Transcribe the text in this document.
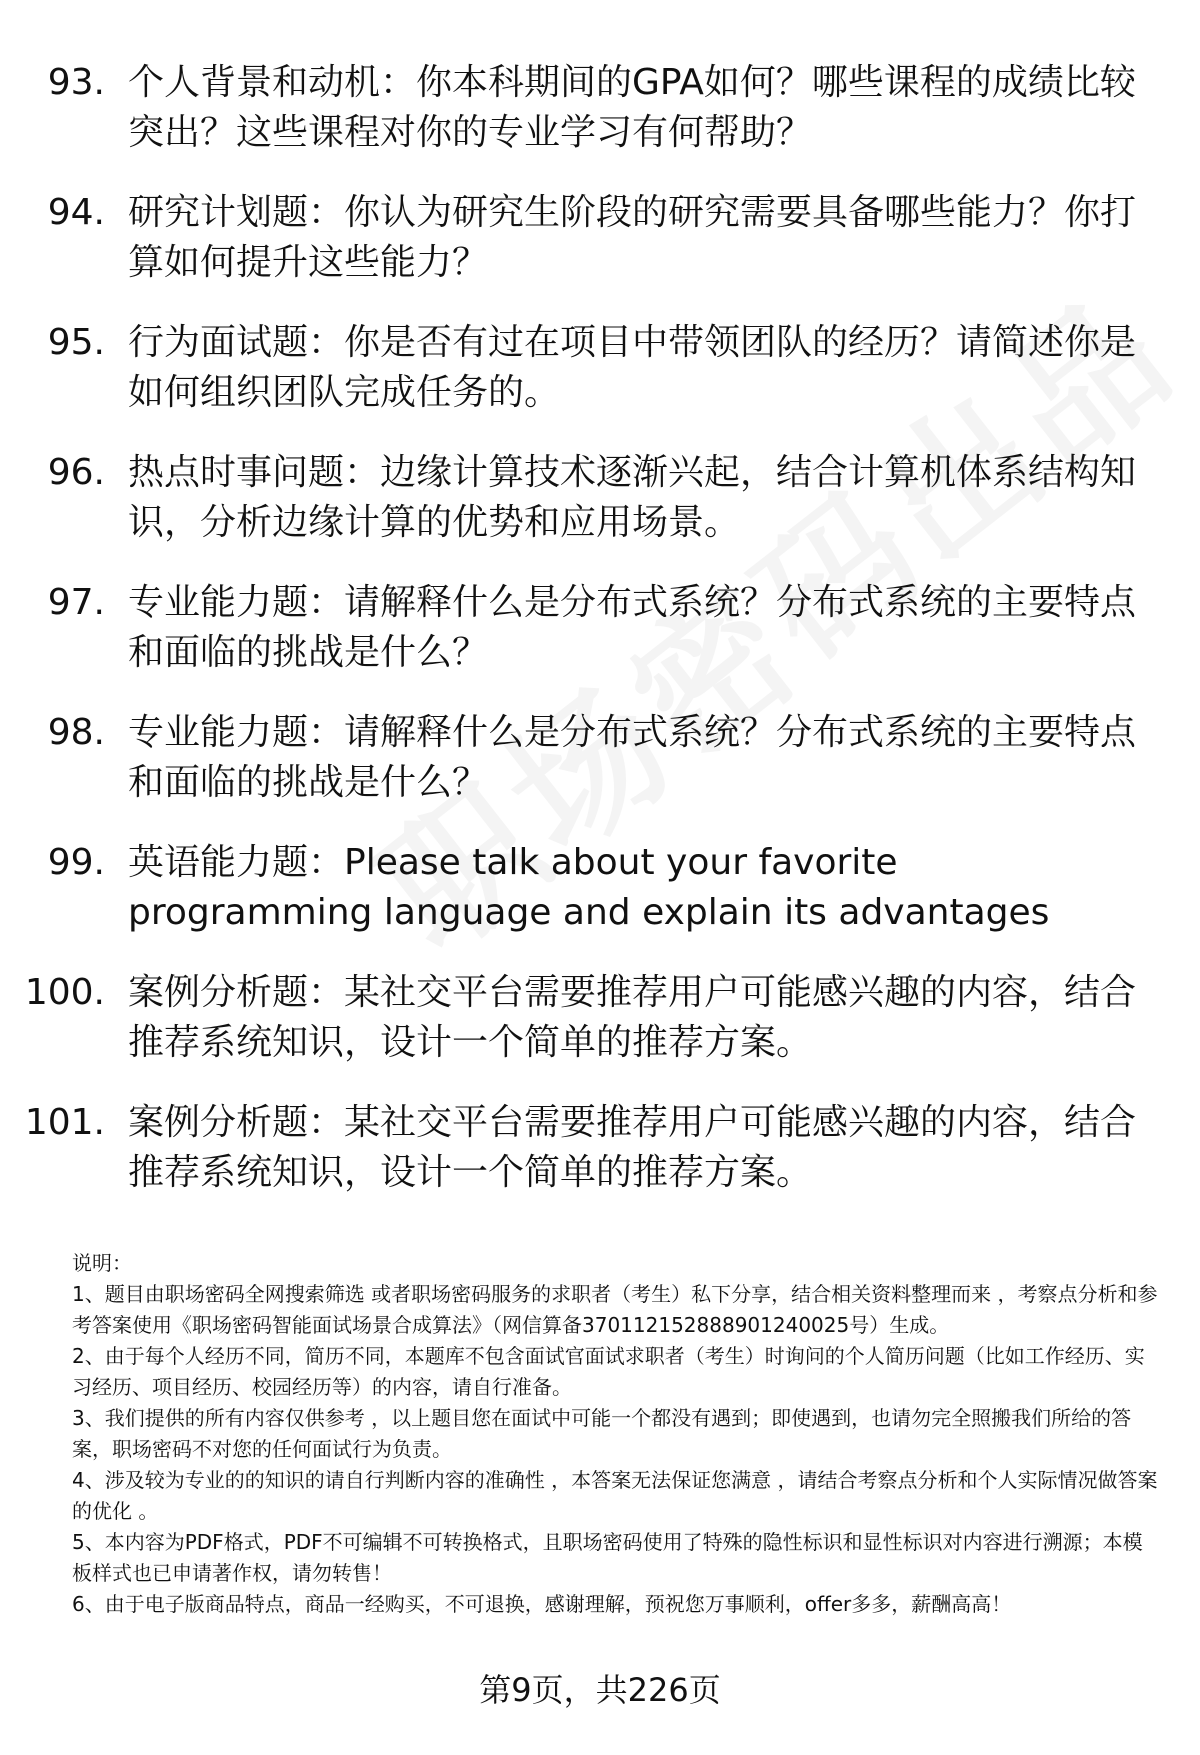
93. 个人背景和动机：你本科期间的GPA如何？哪些课程的成绩比较突出？这些课程对你的专业学习有何帮助？
94. 研究计划题：你认为研究生阶段的研究需要具备哪些能力？你打算如何提升这些能力？
95. 行为面试题：你是否有过在项目中带领团队的经历？请简述你是如何组织团队完成任务的。
96. 热点时事问题：边缘计算技术逐渐兴起，结合计算机体系结构知识，分析边缘计算的优势和应用场景。
97. 专业能力题：请解释什么是分布式系统？分布式系统的主要特点和面临的挑战是什么？
98. 专业能力题：请解释什么是分布式系统？分布式系统的主要特点和面临的挑战是什么？
99. 英语能力题：Please talk about your favorite programming language and explain its advantages
100. 案例分析题：某社交平台需要推荐用户可能感兴趣的内容，结合推荐系统知识，设计一个简单的推荐方案。
101. 案例分析题：某社交平台需要推荐用户可能感兴趣的内容，结合推荐系统知识，设计一个简单的推荐方案。
说明：
1、题目由职场密码全网搜索筛选 或者职场密码服务的求职者（考生）私下分享，结合相关资料整理而来 ，考察点分析和参考答案使用《职场密码智能面试场景合成算法》（网信算备370112152888901240025号）生成。
2、由于每个人经历不同，简历不同，本题库不包含面试官面试求职者（考生）时询问的个人简历问题（比如工作经历、实习经历、项目经历、校园经历等）的内容，请自行准备。
3、我们提供的所有内容仅供参考 ，以上题目您在面试中可能一个都没有遇到；即使遇到，也请勿完全照搬我们所给的答案，职场密码不对您的任何面试行为负责。
4、涉及较为专业的的知识的请自行判断内容的准确性 ，本答案无法保证您满意 ，请结合考察点分析和个人实际情况做答案的优化 。
5、本内容为PDF格式，PDF不可编辑不可转换格式，且职场密码使用了特殊的隐性标识和显性标识对内容进行溯源；本模板样式也已申请著作权，请勿转售！
6、由于电子版商品特点，商品一经购买，不可退换，感谢理解，预祝您万事顺利，offer多多，薪酬高高！
第9页，共226页
